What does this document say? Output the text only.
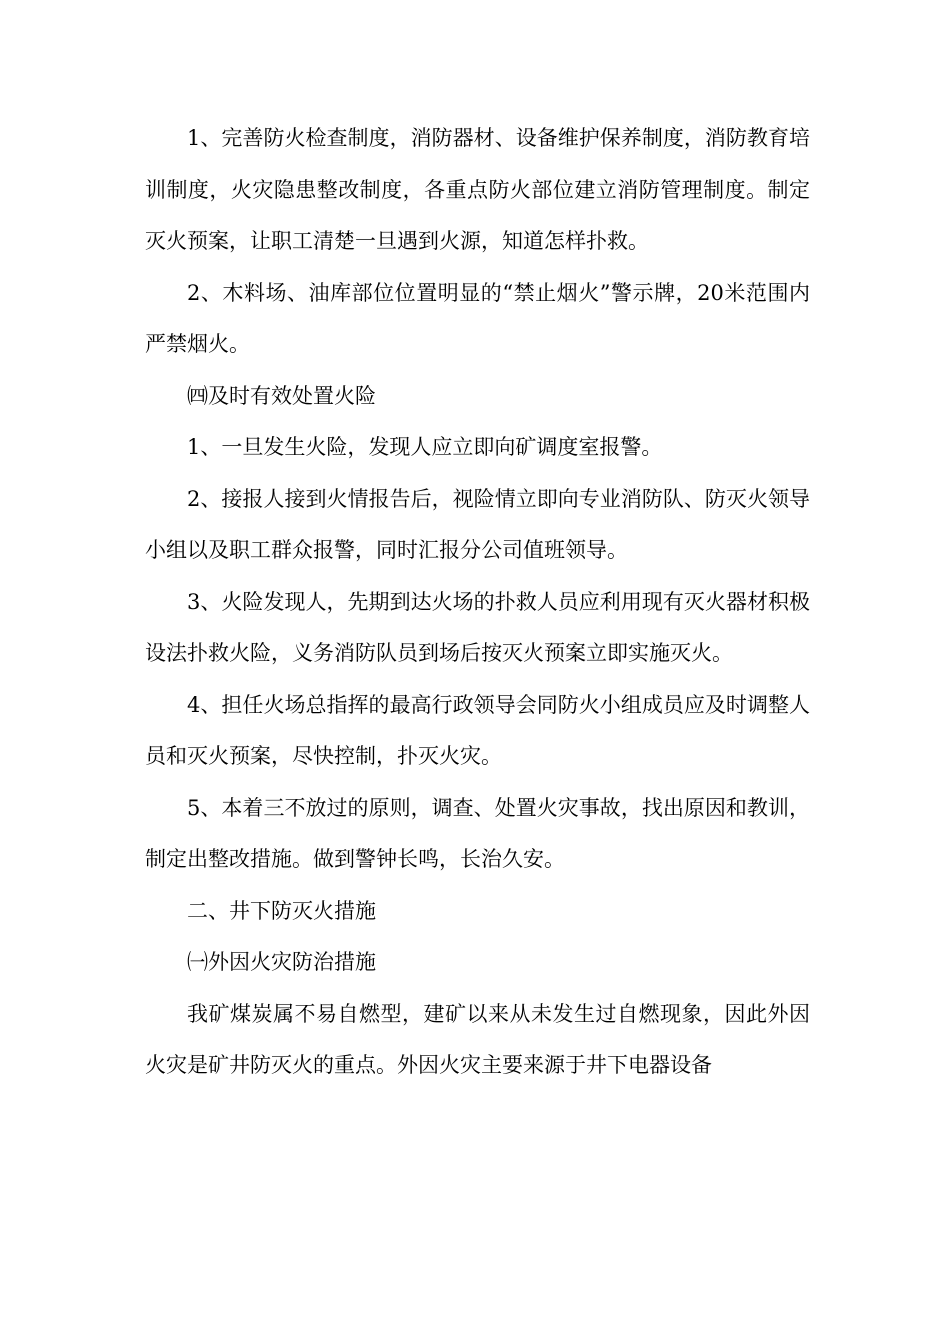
1、完善防火检查制度，消防器材、设备维护保养制度，消防教育培训制度，火灾隐患整改制度，各重点防火部位建立消防管理制度。制定灭火预案，让职工清楚一旦遇到火源，知道怎样扑救。

2、木料场、油库部位位置明显的“禁止烟火”警示牌，20米范围内严禁烟火。

㈣及时有效处置火险

1、一旦发生火险，发现人应立即向矿调度室报警。

2、接报人接到火情报告后，视险情立即向专业消防队、防灭火领导小组以及职工群众报警，同时汇报分公司值班领导。

3、火险发现人，先期到达火场的扑救人员应利用现有灭火器材积极设法扑救火险，义务消防队员到场后按灭火预案立即实施灭火。

4、担任火场总指挥的最高行政领导会同防火小组成员应及时调整人员和灭火预案，尽快控制，扑灭火灾。

5、本着三不放过的原则，调查、处置火灾事故，找出原因和教训，制定出整改措施。做到警钟长鸣，长治久安。

二、井下防灭火措施

㈠外因火灾防治措施

我矿煤炭属不易自燃型，建矿以来从未发生过自燃现象，因此外因火灾是矿井防灭火的重点。外因火灾主要来源于井下电器设备
